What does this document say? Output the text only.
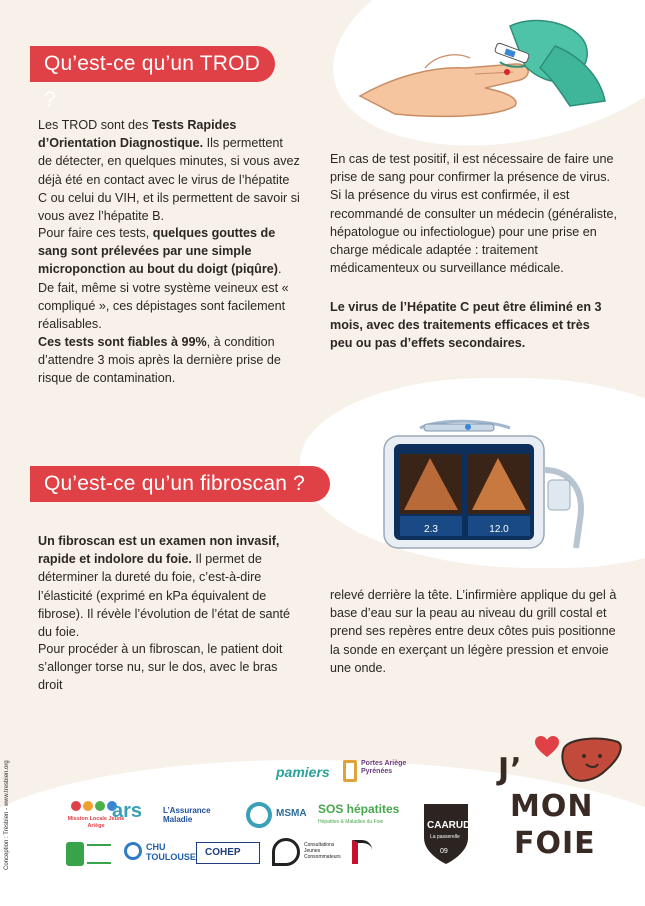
Qu’est-ce qu’un TROD ?
Les TROD sont des Tests Rapides d’Orientation Diagnostique. Ils permettent de détecter, en quelques minutes, si vous avez déjà été en contact avec le virus de l’hépatite C ou celui du VIH, et ils permettent de savoir si vous avez l’hépatite B.
Pour faire ces tests, quelques gouttes de sang sont prélevées par une simple microponction au bout du doigt (piqûre). De fait, même si votre système veineux est « compliqué », ces dépistages sont facilement réalisables.
Ces tests sont fiables à 99%, à condition d’attendre 3 mois après la dernière prise de risque de contamination.
En cas de test positif, il est nécessaire de faire une prise de sang pour confirmer la présence de virus. Si la présence du virus est confirmée, il est recommandé de consulter un médecin (généraliste, hépatologue ou infectiologue) pour une prise en charge médicale adaptée : traitement médicamenteux ou surveillance médicale.
Le virus de l’Hépatite C peut être éliminé en 3 mois, avec des traitements efficaces et très peu ou pas d’effets secondaires.
2.3	12.0
Qu’est-ce qu’un fibroscan ?
Un fibroscan est un examen non invasif, rapide et indolore du foie. Il permet de déterminer la dureté du foie, c’est-à-dire l’élasticité (exprimé en kPa équivalent de fibrose). Il révèle l’évolution de l’état de santé du foie.
Pour procéder à un fibroscan, le patient doit s’allonger torse nu, sur le dos, avec le bras droit
relevé derrière la tête. L’infirmière applique du gel à base d’eau sur la peau au niveau du grill costal et prend ses repères entre deux côtes puis positionne la sonde en exerçant un légère pression et envoie une onde.
Conception : Trèsbien - www.tresbien.org	pamiers
Portes Ariège Pyrénées
Mission Locale Jeune Ariège
ars	L’Assurance Maladie
MSMA SOS hépatites
Hépatites & Maladies du Foie
CHU TOULOUSE COHEP
Consultations Jeunes Consommateurs
CAARUD
La passerelle
09
J’
MON
FOIE
